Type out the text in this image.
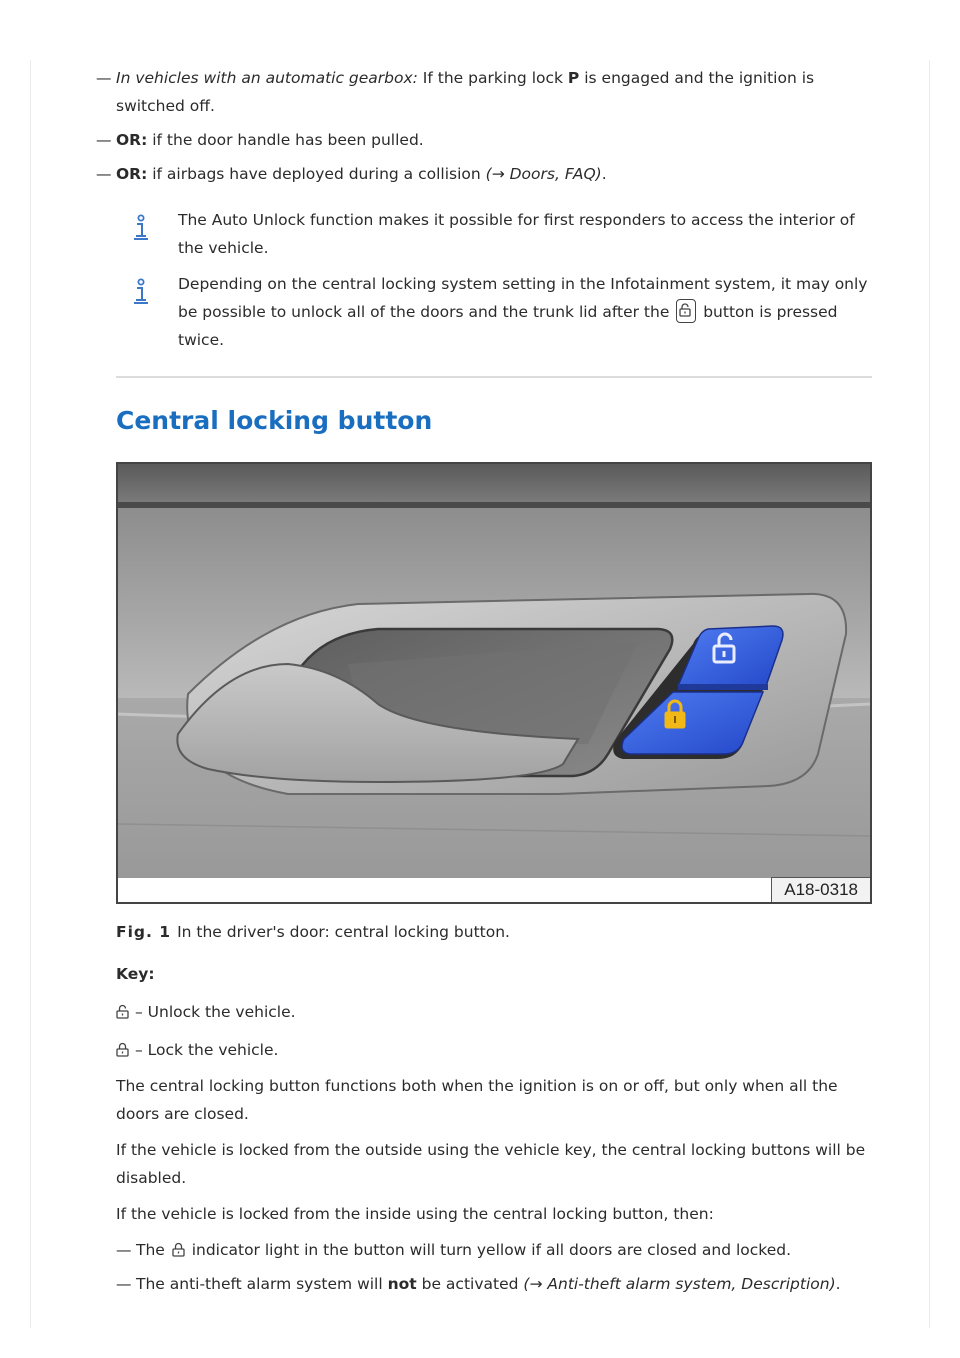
— In vehicles with an automatic gearbox: If the parking lock P is engaged and the ignition is switched off.
— OR: if the door handle has been pulled.
— OR: if airbags have deployed during a collision (→ Doors, FAQ).
The Auto Unlock function makes it possible for first responders to access the interior of the vehicle.
Depending on the central locking system setting in the Infotainment system, it may only be possible to unlock all of the doors and the trunk lid after the
button is pressed twice.
Central locking button
A18-0318
Fig. 1 In the driver's door: central locking button.
Key:
– Unlock the vehicle.
– Lock the vehicle.

The central locking button functions both when the ignition is on or off, but only when all the doors are closed.

If the vehicle is locked from the outside using the vehicle key, the central locking buttons will be disabled.

If the vehicle is locked from the inside using the central locking button, then:

— The  indicator light in the button will turn yellow if all doors are closed and locked.
— The anti-theft alarm system will not be activated (→ Anti-theft alarm system, Description).
